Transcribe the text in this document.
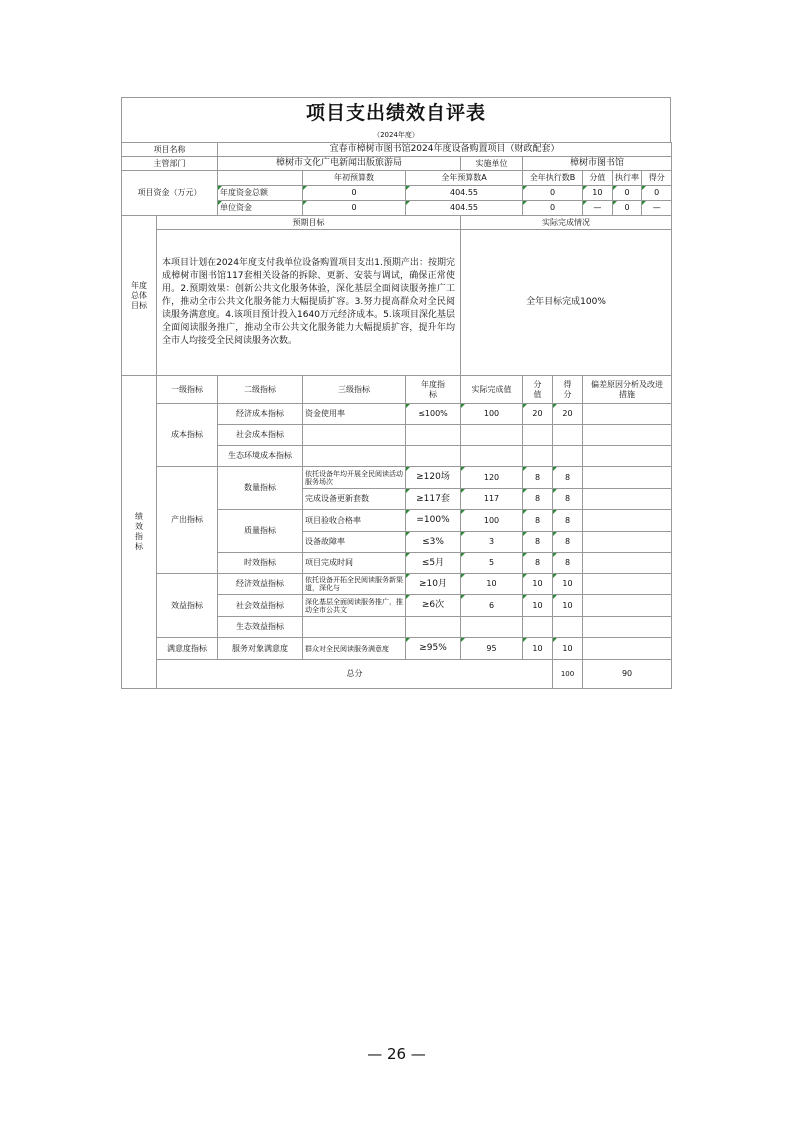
项目支出绩效自评表
（2024年度）
项目名称		宜春市樟树市图书馆2024年度设备购置项目（财政配套）							
主管部门		樟树市文化广电新闻出版旅游局			实施单位	樟树市图书馆			
项目资金（万元）			年初预算数	全年预算数A		全年执行数B		分值 执行率 得分	

		年度资金总额	0	404.55		0		10 0 0	

		单位资金	0	404.55		0		— 0 —	

年度总体目标	预期目标				实际完成情况				
	本项目计划在2024年度支付我单位设备购置项目支出1.预期产出：按期完成樟树市图书馆117套相关设备的拆除、更新、安装与调试，确保正常使用。2.预期效果：创新公共文化服务体验，深化基层全面阅读服务推广工作，推动全市公共文化服务能力大幅提质扩容。3.努力提高群众对全民阅读服务满意度。4.该项目预计投入1640万元经济成本。5.该项目深化基层全面阅读服务推广，推动全市公共文化服务能力大幅提质扩容，提升年均全市人均接受全民阅读服务次数。				全年目标完成100%				
绩效指标	一级指标	二级指标	三级指标	年度指标	实际完成值	分值	得分	偏差原因分析及改进措施	
	成本指标	经济成本指标	资金使用率	≤100%	100	20	20		
		社会成本指标							
		生态环境成本指标							
	产出指标	数量指标	依托设备年均开展全民阅读活动服务场次	≥120场	120	8	8		
			完成设备更新套数	≥117套	117	8	8		
		质量指标	项目验收合格率	=100%	100	8	8		
			设备故障率	≤3%	3	8	8		
		时效指标	项目完成时间	≤5月	5	8	8		
	效益指标	经济效益指标	依托设备开拓全民阅读服务新渠道，深化与	≥10月	10	10	10		
		社会效益指标	深化基层全面阅读服务推广，推动全市公共文	≥6次	6	10	10		
		生态效益指标							
	满意度指标	服务对象满意度	群众对全民阅读服务满意度	≥95%	95	10	10		
	总分						100	90	
— 26 —
